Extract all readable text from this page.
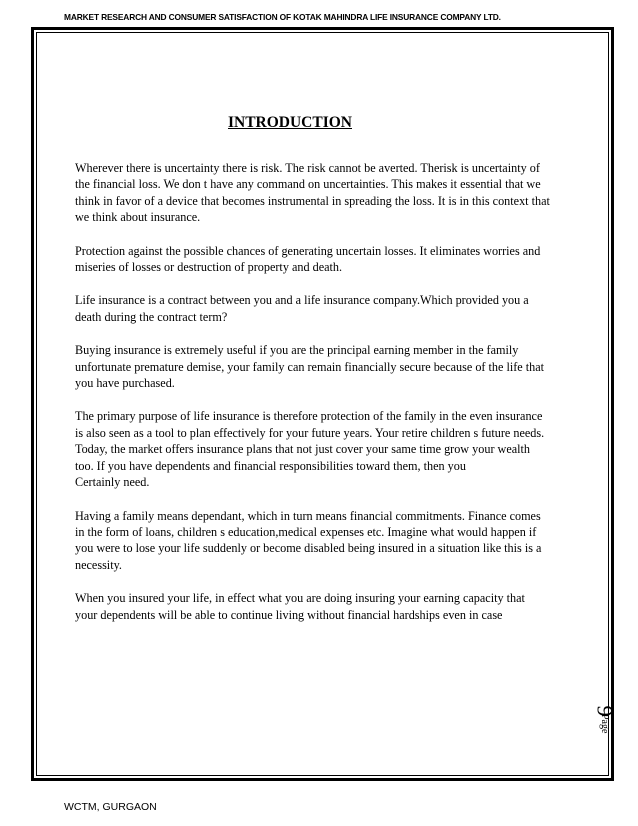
MARKET RESEARCH AND CONSUMER SATISFACTION OF KOTAK MAHINDRA LIFE INSURANCE COMPANY LTD.
INTRODUCTION

Wherever there is uncertainty there is risk. The risk cannot be averted. Therisk is uncertainty of
the financial loss. We don t have any command on uncertainties. This makes it essential that we
think in favor of a device that becomes instrumental in spreading the loss. It is in this context that
we think about insurance.

Protection against the possible chances of generating uncertain losses. It eliminates worries and
miseries of losses or destruction of property and death.

Life insurance is a contract between you and a life insurance company.Which provided you a
death during the contract term?

Buying insurance is extremely useful if you are the principal earning member in the family
unfortunate premature demise, your family can remain financially secure because of the life that
you have purchased.

The primary purpose of life insurance is therefore protection of the family in the even insurance
is also seen as a tool to plan effectively for your future years. Your retire children s future needs.
Today, the market offers insurance plans that not just cover your same time grow your wealth
too. If you have dependents and financial responsibilities toward them, then you
Certainly need.

Having a family means dependant, which in turn means financial commitments. Finance comes
in the form of loans, children s education,medical expenses etc. Imagine what would happen if
you were to lose your life suddenly or become disabled being insured in a situation like this is a
necessity.

When you insured your life, in effect what you are doing insuring your earning capacity that
your dependents will be able to continue living without financial hardships even in case

9
Page
WCTM, GURGAON
